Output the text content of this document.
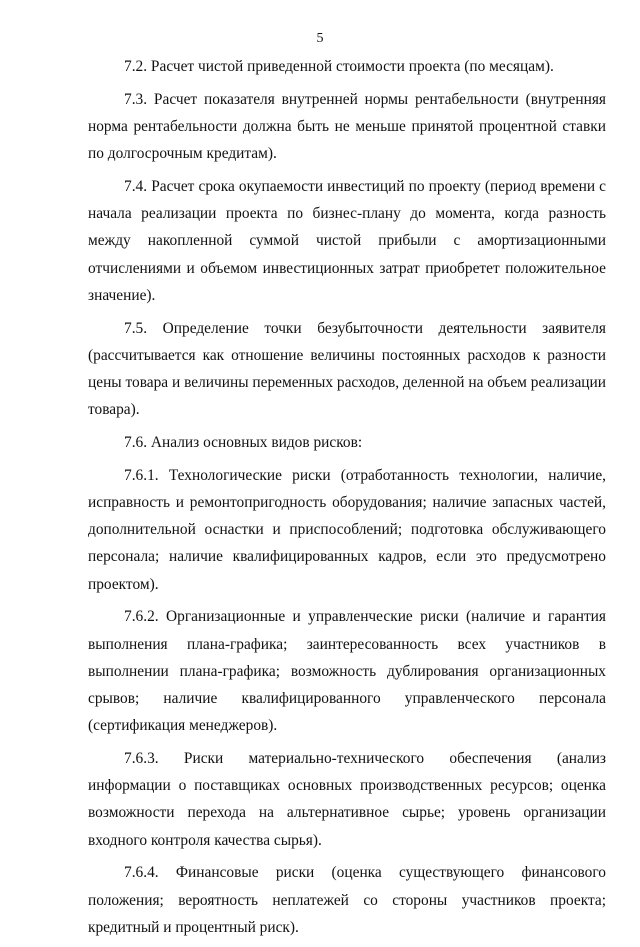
5

7.2. Расчет чистой приведенной стоимости проекта (по месяцам).

7.3. Расчет показателя внутренней нормы рентабельности (внутренняя норма рентабельности должна быть не меньше принятой процентной ставки по долгосрочным кредитам).

7.4. Расчет срока окупаемости инвестиций по проекту (период времени с начала реализации проекта по бизнес-плану до момента, когда разность между накопленной суммой чистой прибыли с амортизационными отчислениями и объемом инвестиционных затрат приобретет положительное значение).

7.5. Определение точки безубыточности деятельности заявителя (рассчитывается как отношение величины постоянных расходов к разности цены товара и величины переменных расходов, деленной на объем реализации товара).

7.6. Анализ основных видов рисков:

7.6.1. Технологические риски (отработанность технологии, наличие, исправность и ремонтопригодность оборудования; наличие запасных частей, дополнительной оснастки и приспособлений; подготовка обслуживающего персонала; наличие квалифицированных кадров, если это предусмотрено проектом).

7.6.2. Организационные и управленческие риски (наличие и гарантия выполнения плана-графика; заинтересованность всех участников в выполнении плана-графика; возможность дублирования организационных срывов; наличие квалифицированного управленческого персонала (сертификация менеджеров).

7.6.3. Риски материально-технического обеспечения (анализ информации о поставщиках основных производственных ресурсов; оценка возможности перехода на альтернативное сырье; уровень организации входного контроля качества сырья).

7.6.4. Финансовые риски (оценка существующего финансового положения; вероятность неплатежей со стороны участников проекта; кредитный и процентный риск).
